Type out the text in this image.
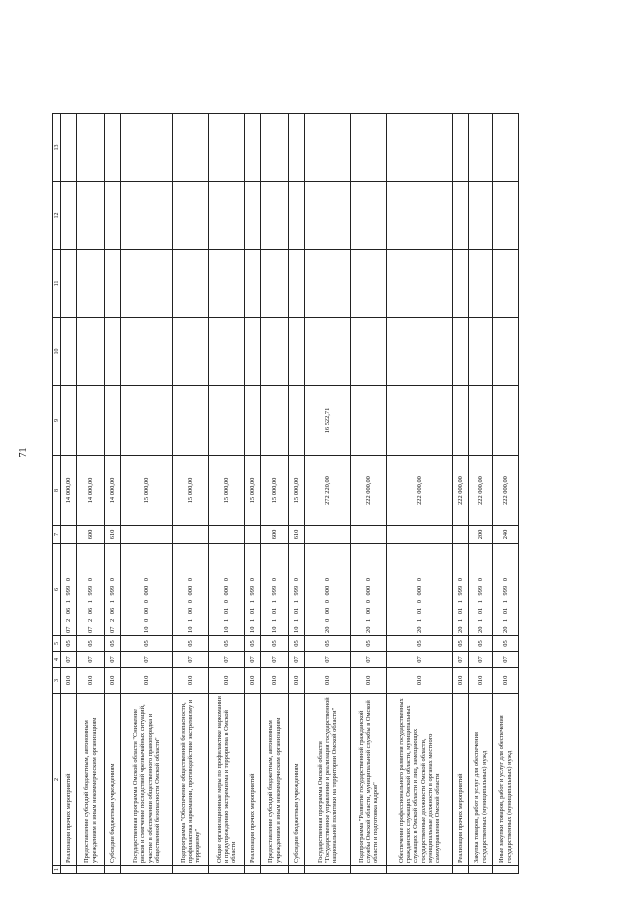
71
1	2	3	4	5	6	7	8	9	10	11	12	13
	Реализация прочих мероприятий	010	07	05	07 2 06 1 999 0		14 000,00					
	Предоставление субсидий бюджетным, автономным учреждениям и иным некоммерческим организациям	010	07	05	07 2 06 1 999 0	600	14 000,00					
	Субсидии бюджетным учреждениям	010	07	05	07 2 06 1 999 0	610	14 000,00					
	Государственная программа Омской области "Снижение рисков и смягчение последствий чрезвычайных ситуаций, участие в обеспечении общественного правопорядка и общественной безопасности Омской области"	010	07	05	10 0 00 0 000 0		15 000,00					
	Подпрограмма "Обеспечение общественной безопасности, профилактика наркомании, противодействие экстремизму и терроризму"	010	07	05	10 1 00 0 000 0		15 000,00					
	Общие организационные меры по профилактике наркомании и предупреждению экстремизма и терроризма в Омской области	010	07	05	10 1 01 0 000 0		15 000,00					
	Реализация прочих мероприятий	010	07	05	10 1 01 1 999 0		15 000,00					
	Предоставление субсидий бюджетным, автономным учреждениям и иным некоммерческим организациям	010	07	05	10 1 01 1 999 0	600	15 000,00					
	Субсидии бюджетным учреждениям	010	07	05	10 1 01 1 999 0	610	15 000,00					
	Государственная программа Омской области "Государственное управление и реализация государственной национальной политики на территории Омской области"	010	07	05	20 0 00 0 000 0		272 220,00	16 522,71				
	Подпрограмма "Развитие государственной гражданской службы Омской области, муниципальной службы в Омской области и подготовка кадров"	010	07	05	20 1 00 0 000 0		222 000,00					
	Обеспечение профессионального развития государственных гражданских служащих Омской области, муниципальных служащих в Омской области и лиц, замещающих государственные должности Омской области, муниципальные должности в органах местного самоуправления Омской области	010	07	05	20 1 01 0 000 0		222 000,00					
	Реализация прочих мероприятий	010	07	05	20 1 01 1 999 0		222 000,00					
	Закупка товаров, работ и услуг для обеспечения государственных (муниципальных) нужд	010	07	05	20 1 01 1 999 0	200	222 000,00					
	Иные закупки товаров, работ и услуг для обеспечения государственных (муниципальных) нужд	010	07	05	20 1 01 1 999 0	240	222 000,00					
